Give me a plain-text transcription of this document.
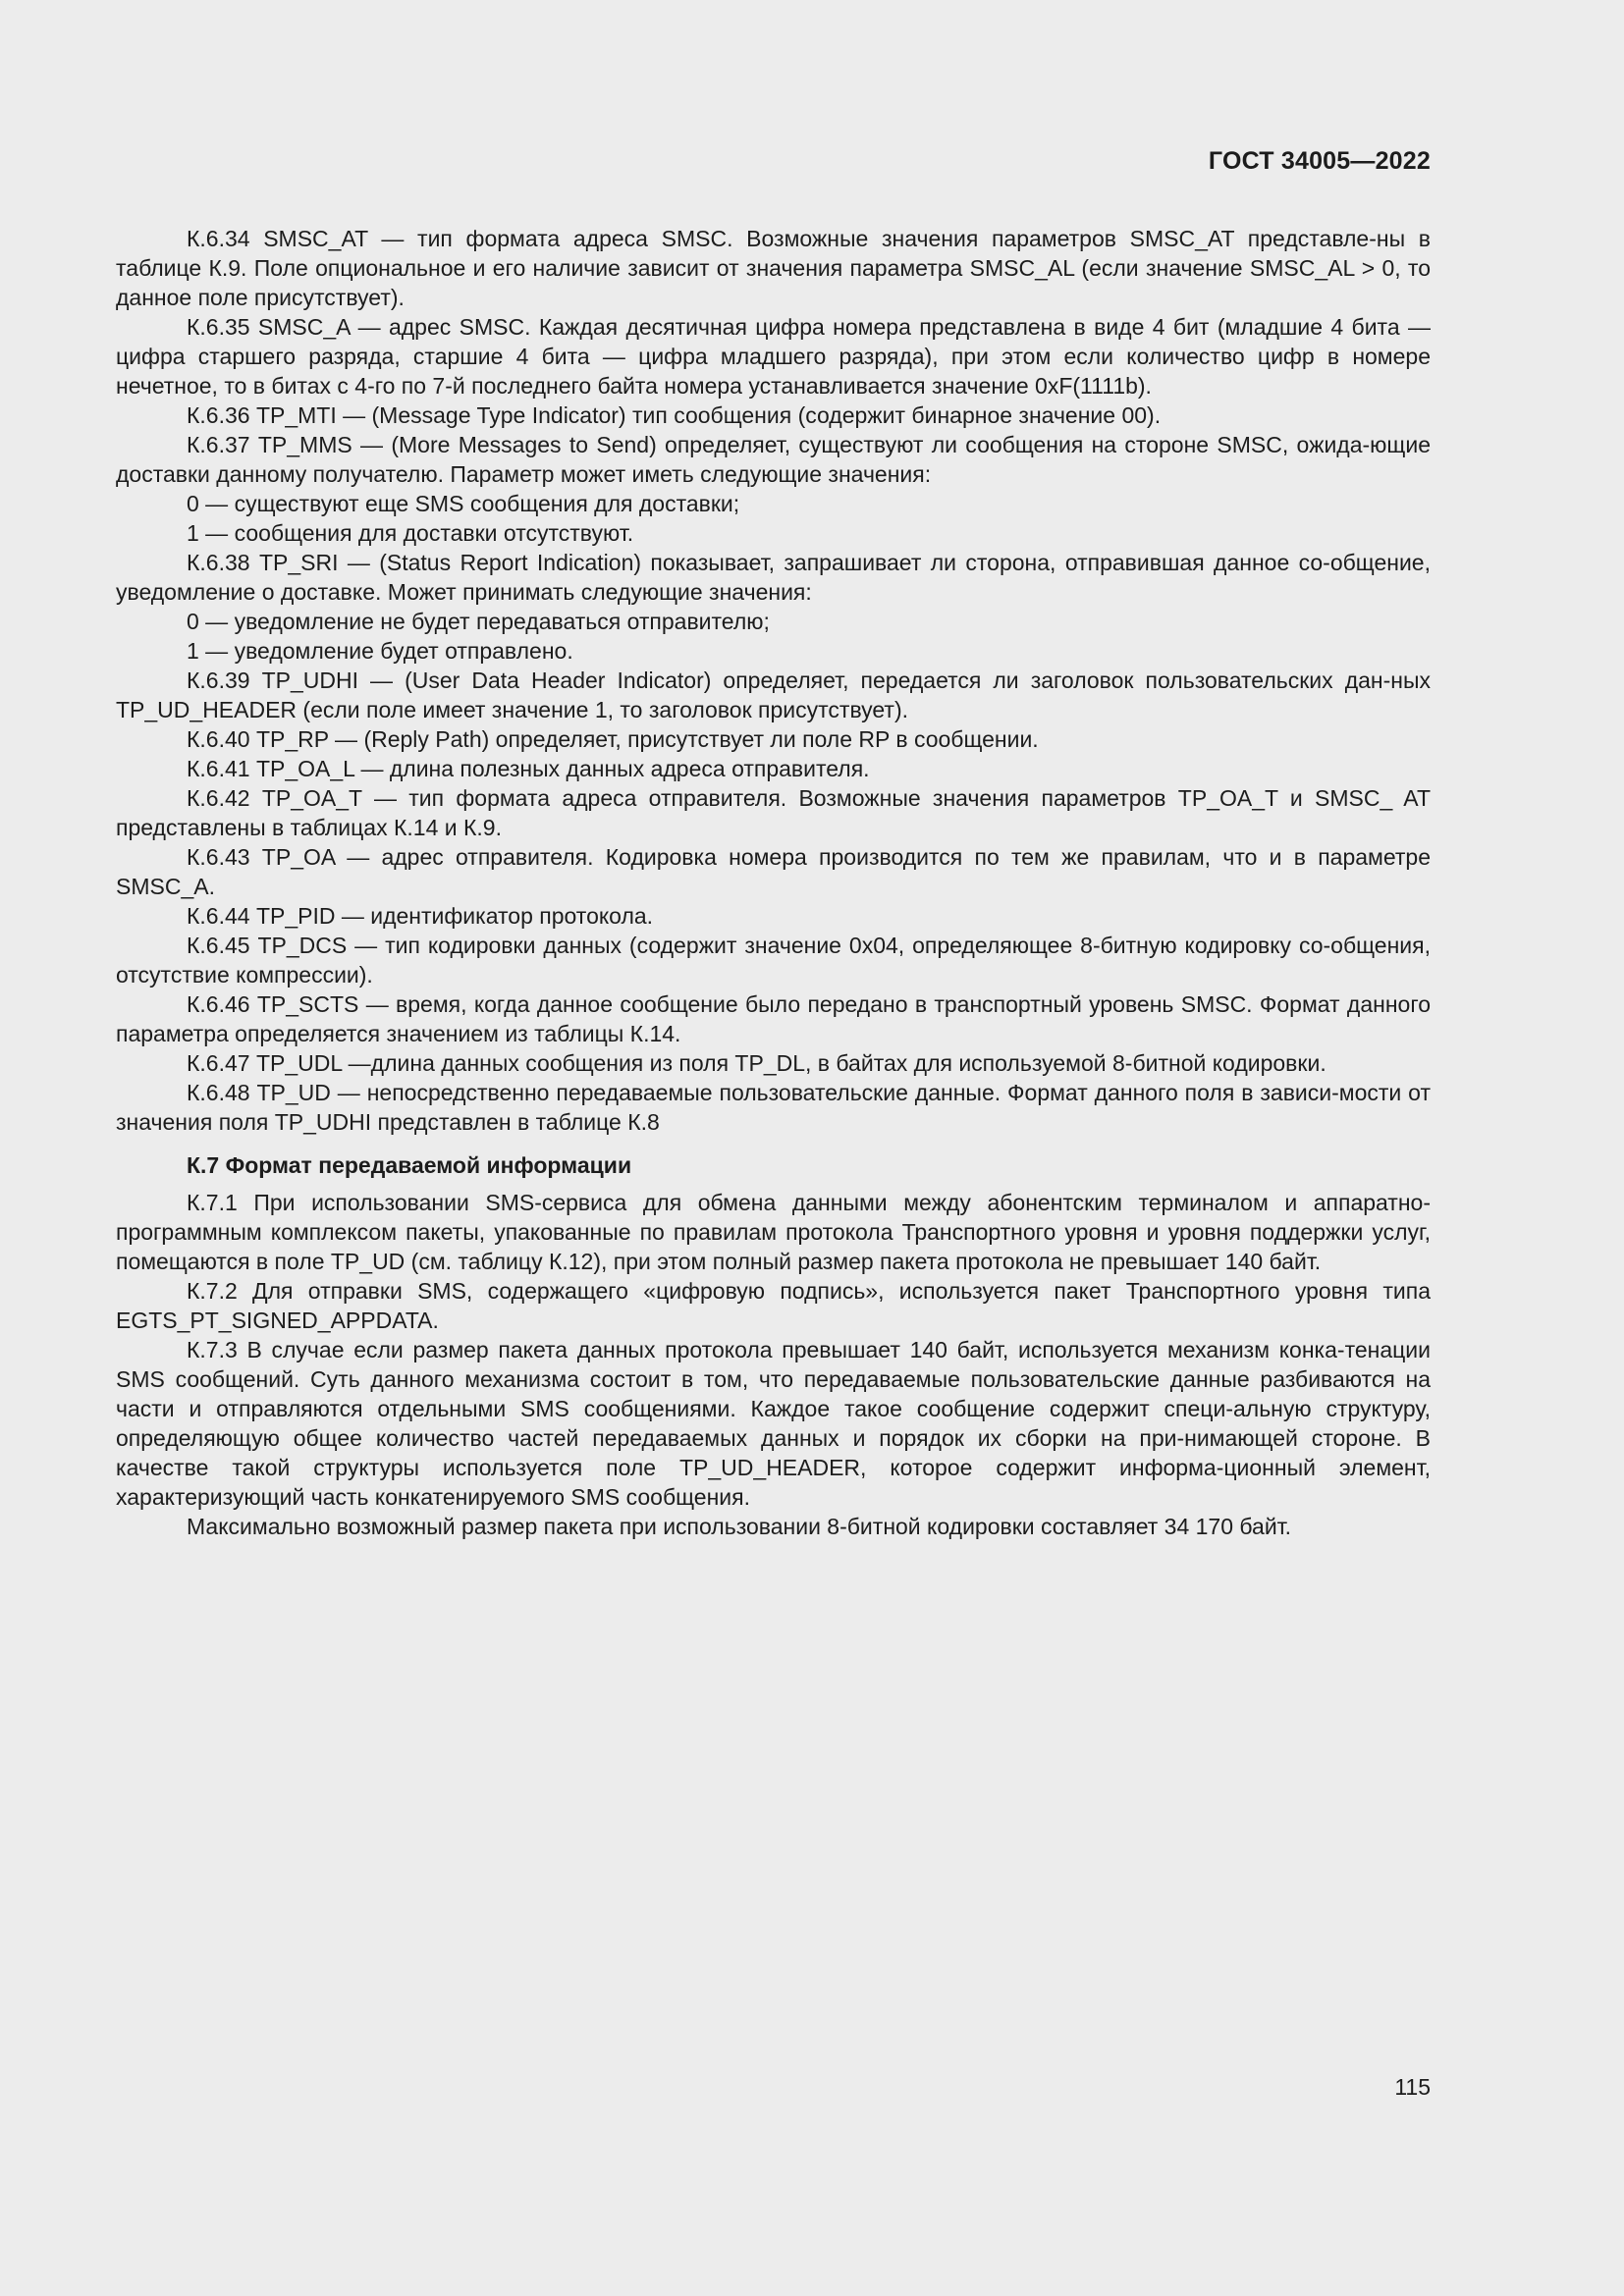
ГОСТ 34005—2022

К.6.34 SMSC_AT — тип формата адреса SMSC. Возможные значения параметров SMSC_AT представле-ны в таблице К.9. Поле опциональное и его наличие зависит от значения параметра SMSC_AL (если значение SMSC_AL > 0, то данное поле присутствует).

К.6.35 SMSC_A — адрес SMSC. Каждая десятичная цифра номера представлена в виде 4 бит (младшие 4 бита — цифра старшего разряда, старшие 4 бита — цифра младшего разряда), при этом если количество цифр в номере нечетное, то в битах с 4-го по 7-й последнего байта номера устанавливается значение 0xF(1111b).

К.6.36 TP_MTI — (Message Type Indicator) тип сообщения (содержит бинарное значение 00).

К.6.37 TP_MMS — (More Messages to Send) определяет, существуют ли сообщения на стороне SMSC, ожида-ющие доставки данному получателю. Параметр может иметь следующие значения:

0 — существуют еще SMS сообщения для доставки;

1 — сообщения для доставки отсутствуют.

К.6.38 TP_SRI — (Status Report Indication) показывает, запрашивает ли сторона, отправившая данное со-общение, уведомление о доставке. Может принимать следующие значения:

0 — уведомление не будет передаваться отправителю;

1 — уведомление будет отправлено.

К.6.39 TP_UDHI — (User Data Header Indicator) определяет, передается ли заголовок пользовательских дан-ных TP_UD_HEADER (если поле имеет значение 1, то заголовок присутствует).

К.6.40 TP_RP — (Reply Path) определяет, присутствует ли поле RP в сообщении.

К.6.41 TP_OA_L — длина полезных данных адреса отправителя.

К.6.42 TP_OA_T — тип формата адреса отправителя. Возможные значения параметров TP_OA_T и SMSC_ AT представлены в таблицах К.14 и К.9.

К.6.43 TP_OA — адрес отправителя. Кодировка номера производится по тем же правилам, что и в параметре SMSC_A.

К.6.44 TP_PID — идентификатор протокола.

К.6.45 TP_DCS — тип кодировки данных (содержит значение 0x04, определяющее 8-битную кодировку со-общения, отсутствие компрессии).

К.6.46 TP_SCTS — время, когда данное сообщение было передано в транспортный уровень SMSC. Формат данного параметра определяется значением из таблицы К.14.

К.6.47 TP_UDL —длина данных сообщения из поля TP_DL, в байтах для используемой 8-битной кодировки.

К.6.48 TP_UD — непосредственно передаваемые пользовательские данные. Формат данного поля в зависи-мости от значения поля TP_UDHI представлен в таблице К.8

К.7 Формат передаваемой информации

К.7.1 При использовании SMS-сервиса для обмена данными между абонентским терминалом и аппаратно-программным комплексом пакеты, упакованные по правилам протокола Транспортного уровня и уровня поддержки услуг, помещаются в поле TP_UD (см. таблицу К.12), при этом полный размер пакета протокола не превышает 140 байт.

К.7.2 Для отправки SMS, содержащего «цифровую подпись», используется пакет Транспортного уровня типа EGTS_PT_SIGNED_APPDATA.

К.7.3 В случае если размер пакета данных протокола превышает 140 байт, используется механизм конка-тенации SMS сообщений. Суть данного механизма состоит в том, что передаваемые пользовательские данные разбиваются на части и отправляются отдельными SMS сообщениями. Каждое такое сообщение содержит специ-альную структуру, определяющую общее количество частей передаваемых данных и порядок их сборки на при-нимающей стороне. В качестве такой структуры используется поле TP_UD_HEADER, которое содержит информа-ционный элемент, характеризующий часть конкатенируемого SMS сообщения.

Максимально возможный размер пакета при использовании 8-битной кодировки составляет 34 170 байт.

115
